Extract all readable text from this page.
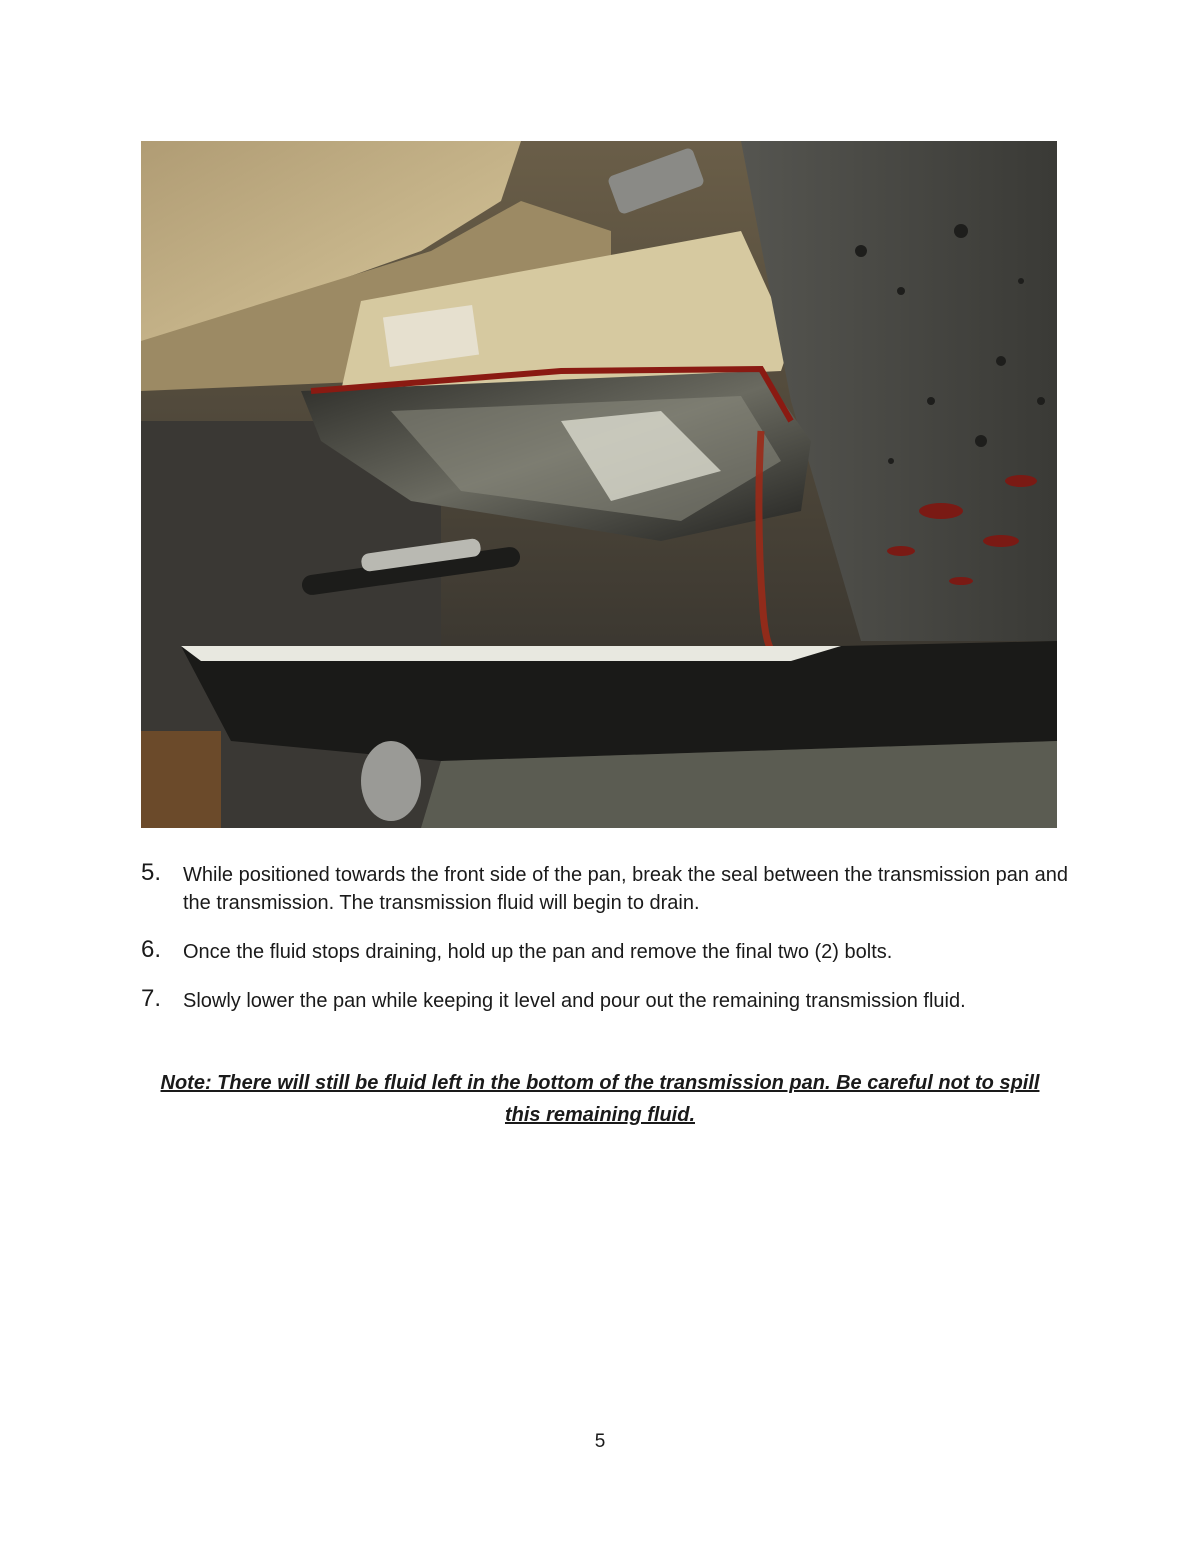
5.	While positioned towards the front side of the pan, break the seal between the transmission pan and the transmission. The transmission fluid will begin to drain.
6.	Once the fluid stops draining, hold up the pan and remove the final two (2) bolts.
7.	Slowly lower the pan while keeping it level and pour out the remaining transmission fluid.
Note: There will still be fluid left in the bottom of the transmission pan. Be careful not to spill this remaining fluid.
5
